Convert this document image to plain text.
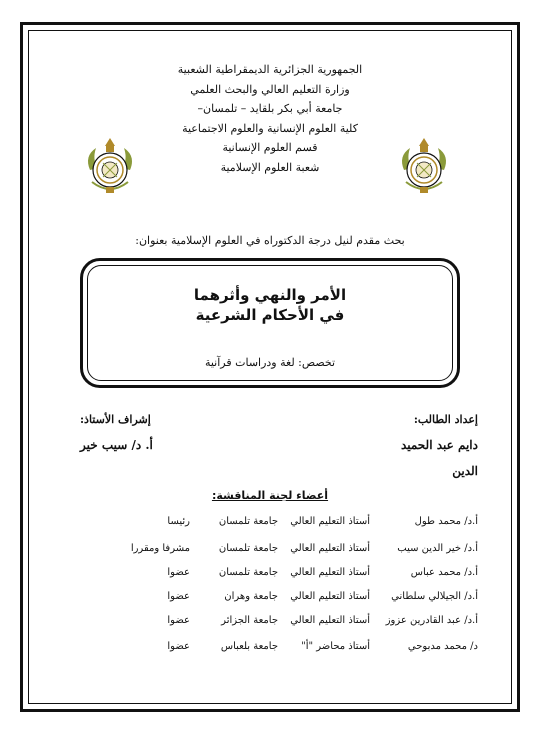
الجمهورية الجزائرية الديمقراطية الشعبية
وزارة التعليم العالي والبحث العلمي
جامعة أبي بكر بلقايد – تلمسان–
كلية العلوم الإنسانية والعلوم الاجتماعية
قسم العلوم الإنسانية
شعبة العلوم الإسلامية
بحث مقدم لنيل درجة الدكتوراه في العلوم الإسلامية بعنوان:
الأمر والنهي وأثرهما
في الأحكام الشرعية
تخصص: لغة ودراسات قرآنية
إعداد الطالب:
إشراف الأستاذ:
دايم عبد الحميد
الدين
أ. د/ سيب خير
أعضاء لجنة المناقشة:
أ.د/ محمد طول
أستاذ التعليم العالي
جامعة تلمسان
رئيسا
أ.د/ خير الدين سيب
أستاذ التعليم العالي
جامعة تلمسان
مشرفا ومقررا
أ.د/ محمد عباس
أستاذ التعليم العالي
جامعة تلمسان
عضوا
أ.د/ الجيلالي سلطاني
أستاذ التعليم العالي
جامعة وهران
عضوا
أ.د/ عبد القادرين عزوز
أستاذ التعليم العالي
جامعة الجزائر
عضوا
د/ محمد مدبوحي
أستاذ محاضر "أ"
جامعة بلعباس
عضوا
